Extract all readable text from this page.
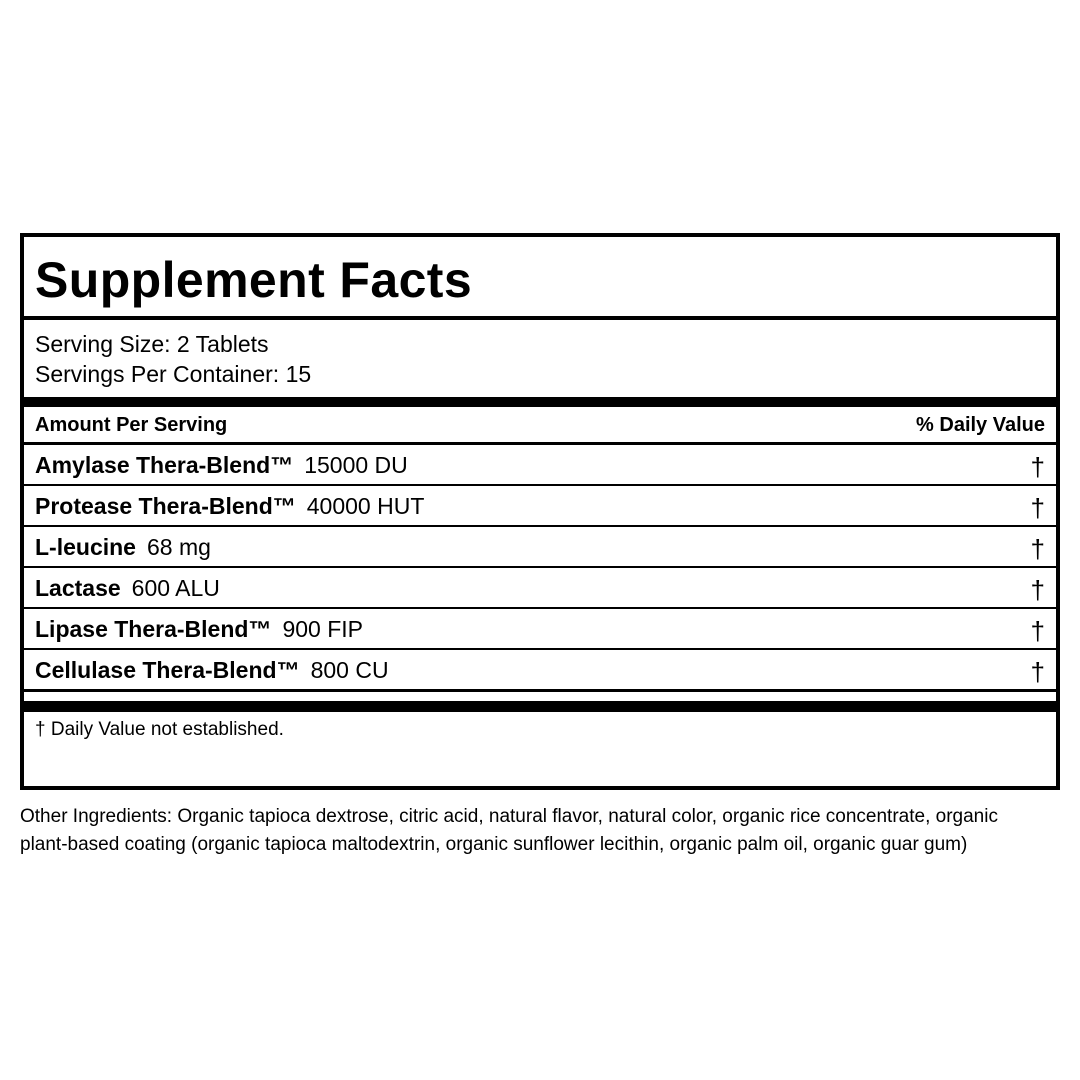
Supplement Facts
Serving Size: 2 Tablets
Servings Per Container: 15
Amount Per Serving	% Daily Value
Amylase Thera-Blend™ 15000 DU	†
Protease Thera-Blend™ 40000 HUT	†
L-leucine 68 mg	†
Lactase 600 ALU	†
Lipase Thera-Blend™ 900 FIP	†
Cellulase Thera-Blend™ 800 CU	†
† Daily Value not established.

Other Ingredients: Organic tapioca dextrose, citric acid, natural flavor, natural color, organic rice concentrate, organic plant-based coating (organic tapioca maltodextrin, organic sunflower lecithin, organic palm oil, organic guar gum)
